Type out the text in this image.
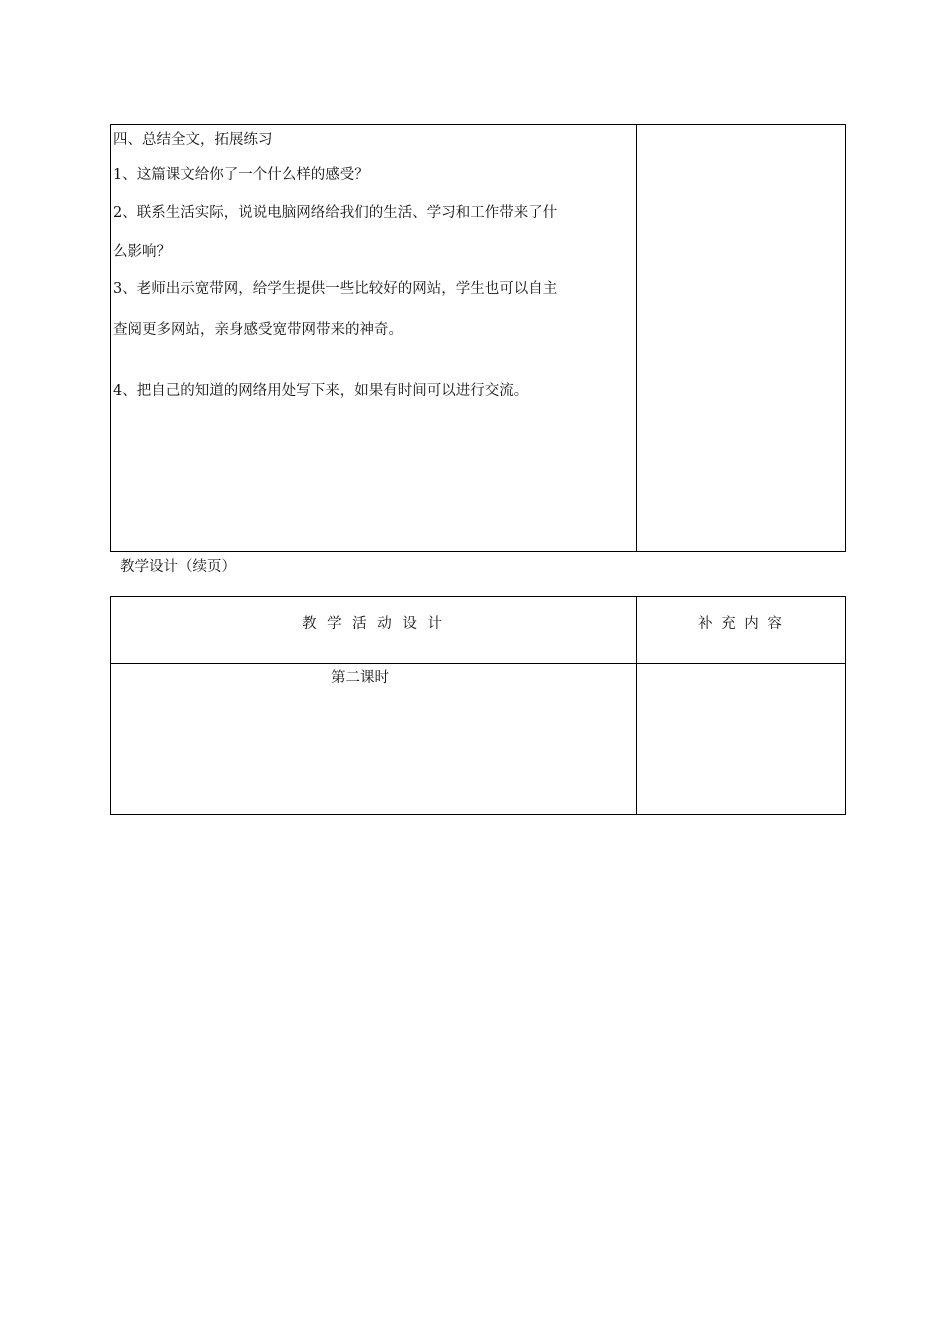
四、总结全文，拓展练习
1、这篇课文给你了一个什么样的感受？
2、联系生活实际，说说电脑网络给我们的生活、学习和工作带来了什
么影响？
3、老师出示宽带网，给学生提供一些比较好的网站，学生也可以自主
查阅更多网站，亲身感受宽带网带来的神奇。
4、把自己的知道的网络用处写下来，如果有时间可以进行交流。
教学设计（续页）
教 学 活 动 设 计	补 充 内 容
第二课时
